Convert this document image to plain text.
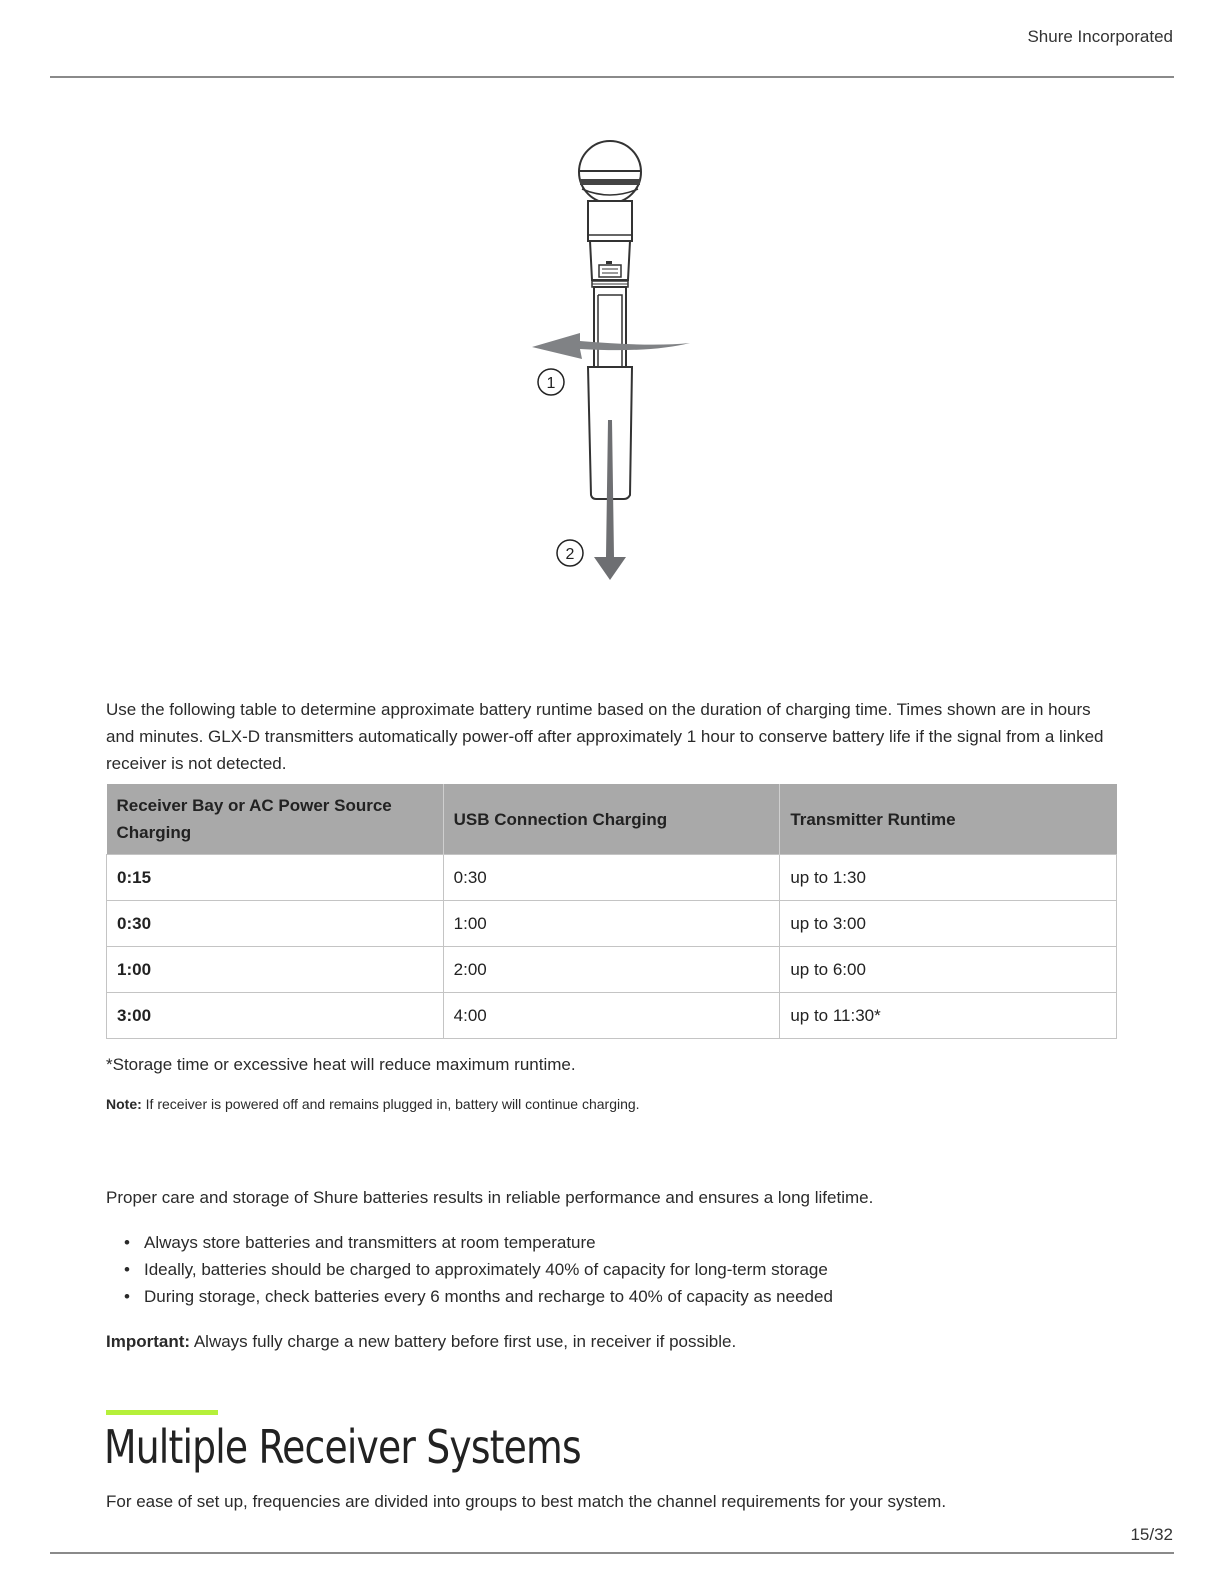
Shure Incorporated
1
2
Use the following table to determine approximate battery runtime based on the duration of charging time. Times shown are in hours and minutes. GLX-D transmitters automatically power-off after approximately 1 hour to conserve battery life if the signal from a linked receiver is not detected.
Receiver Bay or AC Power Source Charging	USB Connection Charging	Transmitter Runtime
0:15	0:30	up to 1:30
0:30	1:00	up to 3:00
1:00	2:00	up to 6:00
3:00	4:00	up to 11:30*
*Storage time or excessive heat will reduce maximum runtime.
Note: If receiver is powered off and remains plugged in, battery will continue charging.
Proper care and storage of Shure batteries results in reliable performance and ensures a long lifetime.
• Always store batteries and transmitters at room temperature
• Ideally, batteries should be charged to approximately 40% of capacity for long-term storage
• During storage, check batteries every 6 months and recharge to 40% of capacity as needed
Important: Always fully charge a new battery before first use, in receiver if possible.
Multiple Receiver Systems
For ease of set up, frequencies are divided into groups to best match the channel requirements for your system.
15/32
